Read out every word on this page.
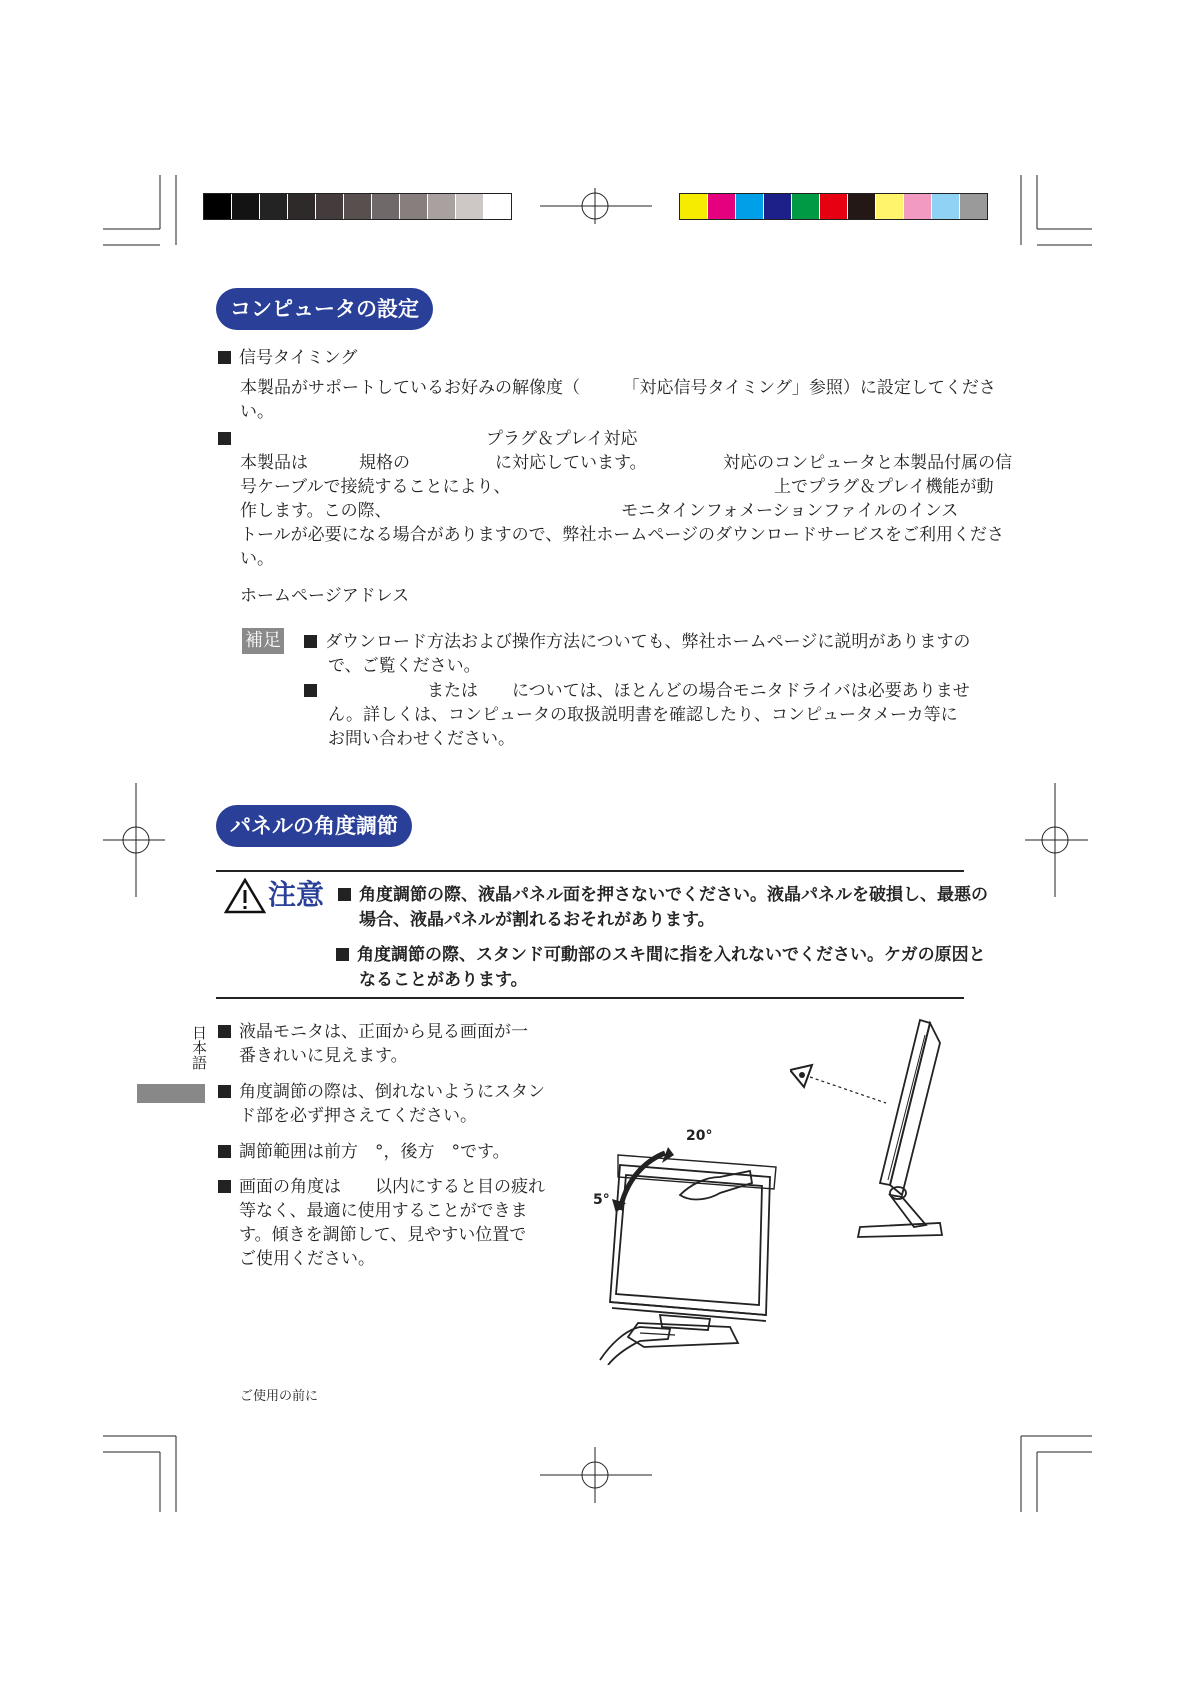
コンピュータの設定
信号タイミング
本製品がサポートしているお好みの解像度（　　　「対応信号タイミング」参照）に設定してくださ
い。
プラグ＆プレイ対応
本製品は　　　規格の　　　　　に対応しています。　　　　　対応のコンピュータと本製品付属の信
号ケーブルで接続することにより、　　　　　　　　　　　　　　　　上でプラグ＆プレイ機能が動
作します。この際、　　　　　　　　　　　　　　モニタインフォメーションファイルのインス
トールが必要になる場合がありますので、弊社ホームページのダウンロードサービスをご利用くださ
い。
ホームページアドレス
補足	ダウンロード方法および操作方法についても、弊社ホームページに説明がありますの
で、ご覧ください。
　　　　　　または　　については、ほとんどの場合モニタドライバは必要ありませ
ん。詳しくは、コンピュータの取扱説明書を確認したり、コンピュータメーカ等に
お問い合わせください。
パネルの角度調節
注意	角度調節の際、液晶パネル面を押さないでください。液晶パネルを破損し、最悪の
場合、液晶パネルが割れるおそれがあります。
角度調節の際、スタンド可動部のスキ間に指を入れないでください。ケガの原因と
なることがあります。
日本語	液晶モニタは、正面から見る画面が一
番きれいに見えます。
角度調節の際は、倒れないようにスタン
ド部を必ず押さえてください。
調節範囲は前方　°，後方　°です。
画面の角度は　　以内にすると目の疲れ
等なく、最適に使用することができま
す。傾きを調節して、見やすい位置で
ご使用ください。
20°
5°
ご使用の前に
